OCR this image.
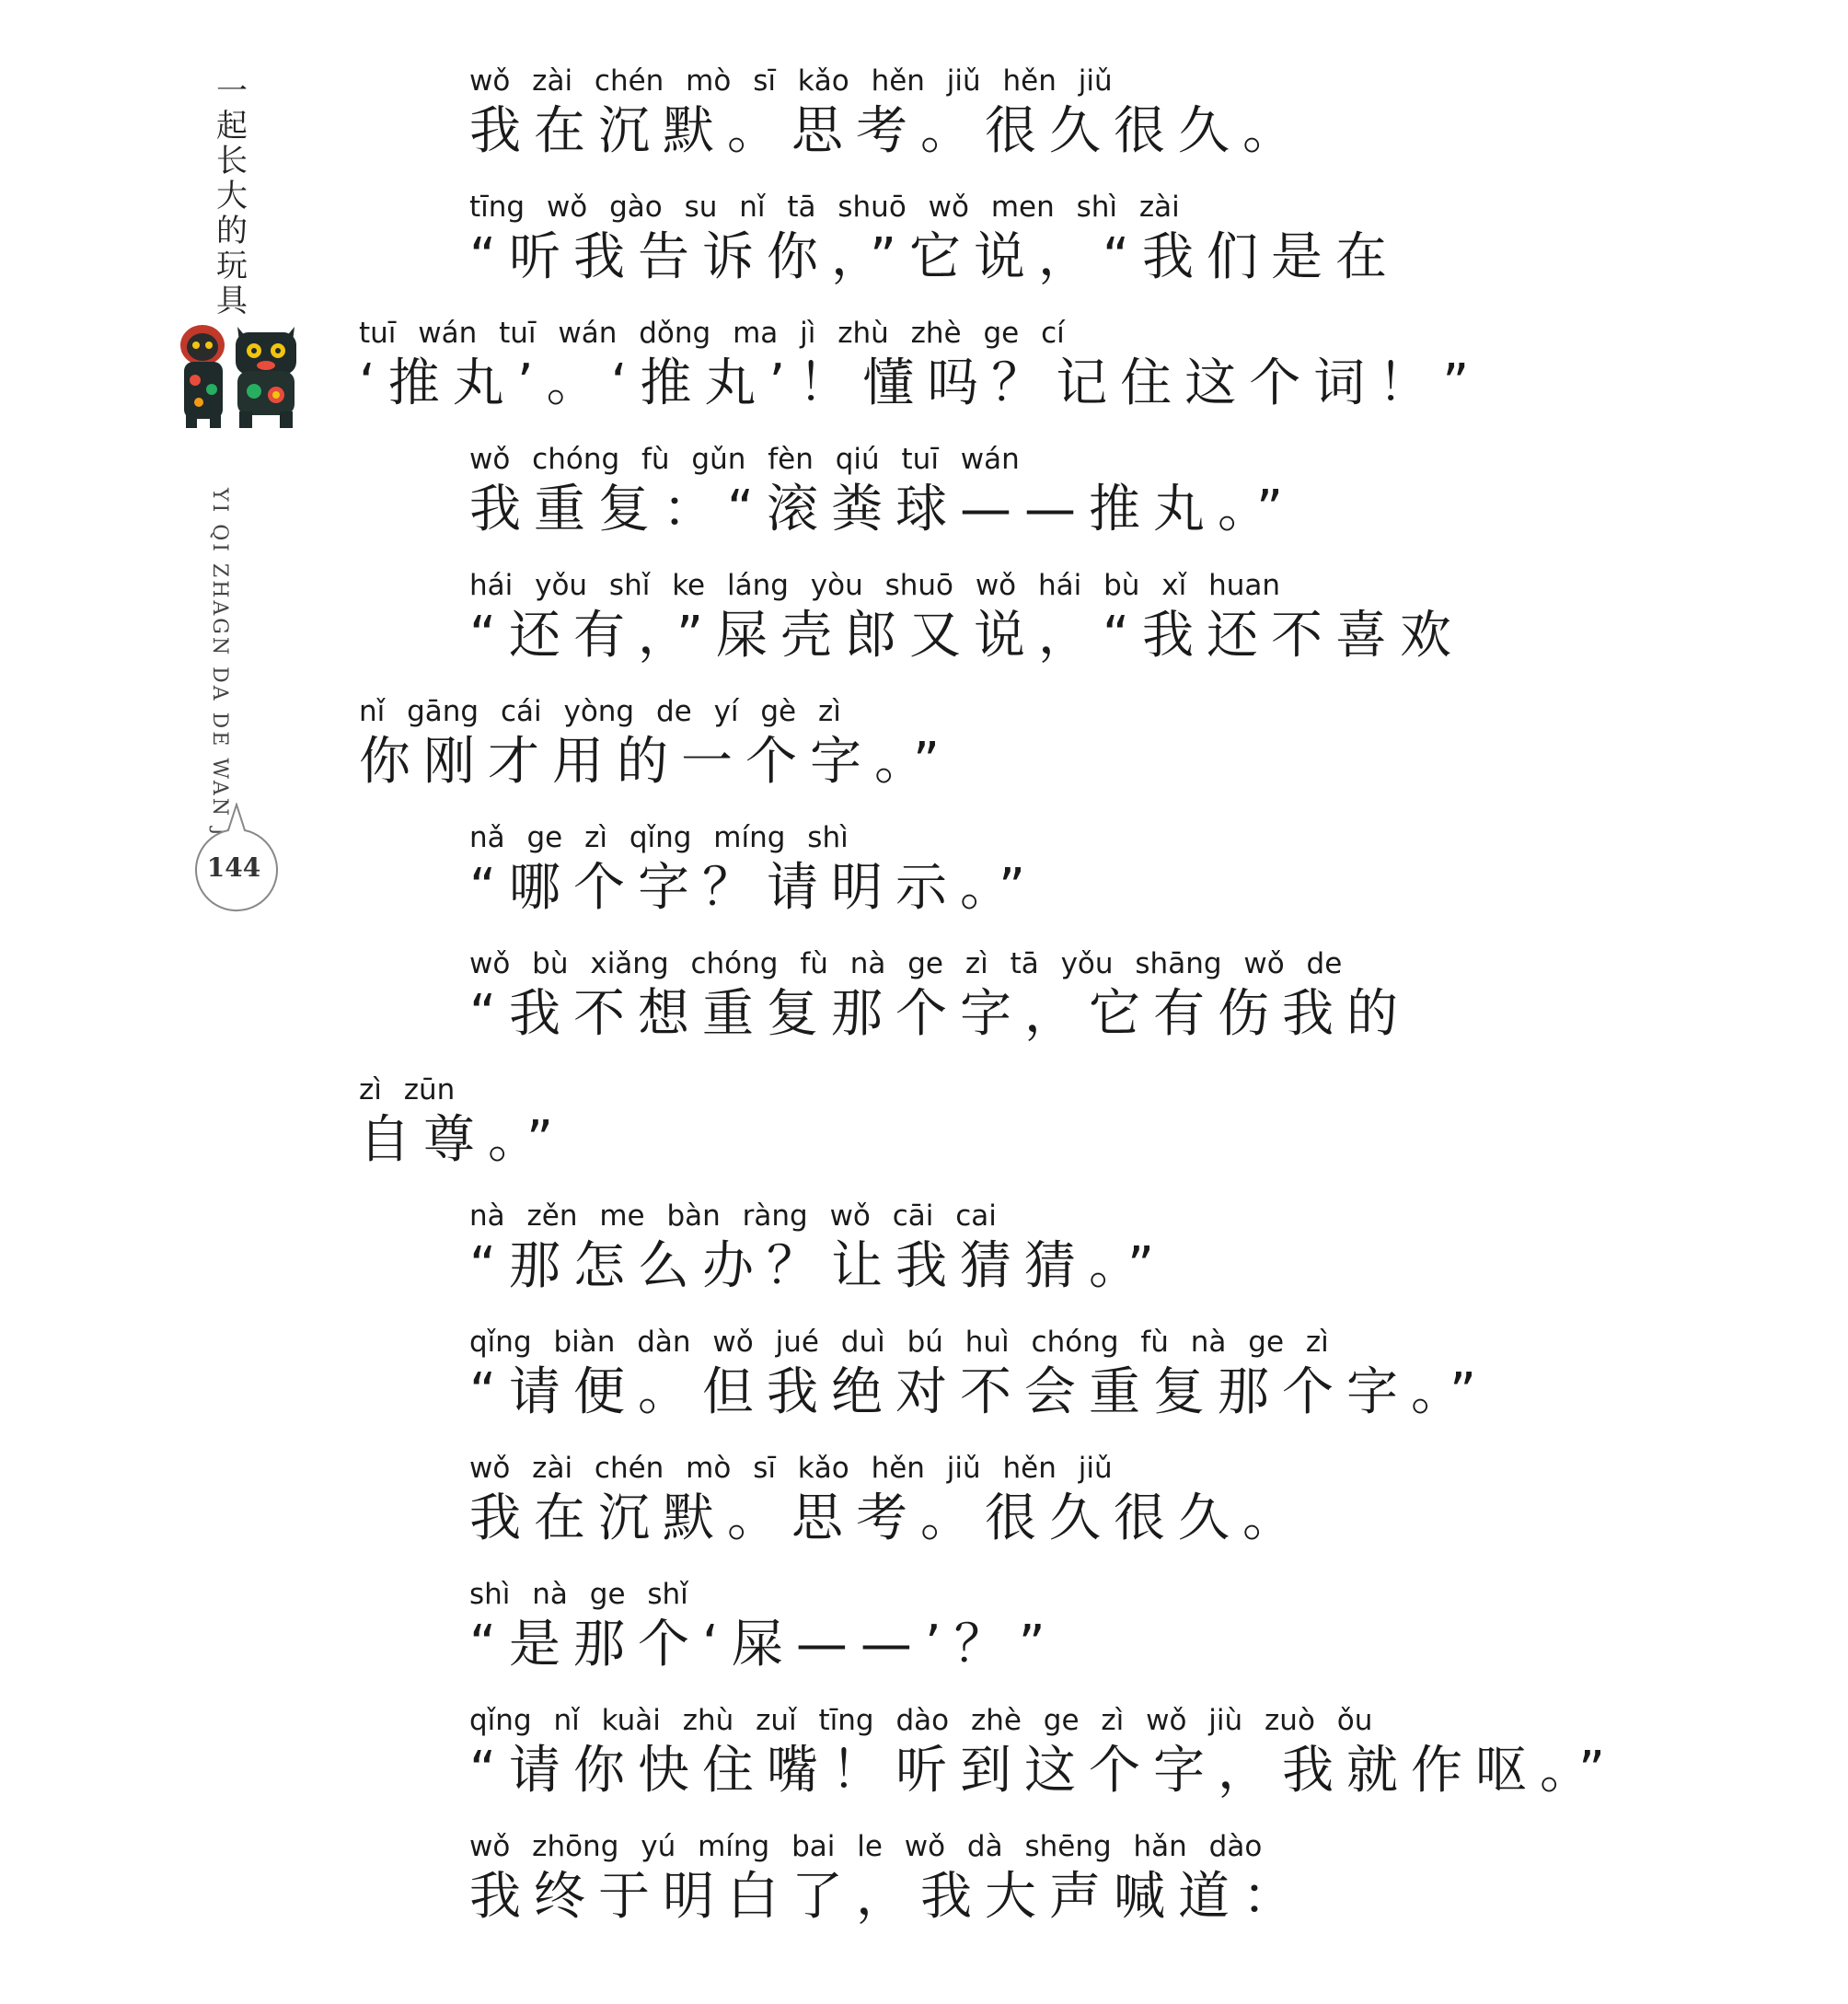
一起长大的玩具
YI QI ZHAGN DA DE WAN JU
144
wǒ zài chén mò sī kǎo hěn jiǔ hěn jiǔ
我在沉默。思考。很久很久。
tīng wǒ gào su nǐ tā shuō wǒ men shì zài
“听我告诉你，”它说，“我们是在
tuī wán tuī wán dǒng ma jì zhù zhè ge cí
‘推丸’。‘推丸’！懂吗？记住这个词！”
wǒ chóng fù gǔn fèn qiú tuī wán
我重复：“滚粪球——推丸。”
hái yǒu shǐ ke láng yòu shuō wǒ hái bù xǐ huan
“还有，”屎壳郎又说，“我还不喜欢
nǐ gāng cái yòng de yí gè zì
你刚才用的一个字。”
nǎ ge zì qǐng míng shì
“哪个字？请明示。”
wǒ bù xiǎng chóng fù nà ge zì tā yǒu shāng wǒ de
“我不想重复那个字，它有伤我的
zì zūn
自尊。”
nà zěn me bàn ràng wǒ cāi cai
“那怎么办？让我猜猜。”
qǐng biàn dàn wǒ jué duì bú huì chóng fù nà ge zì
“请便。但我绝对不会重复那个字。”
wǒ zài chén mò sī kǎo hěn jiǔ hěn jiǔ
我在沉默。思考。很久很久。
shì nà ge shǐ
“是那个‘屎——’？”
qǐng nǐ kuài zhù zuǐ tīng dào zhè ge zì wǒ jiù zuò ǒu
“请你快住嘴！听到这个字，我就作呕。”
wǒ zhōng yú míng bai le wǒ dà shēng hǎn dào
我终于明白了，我大声喊道：
